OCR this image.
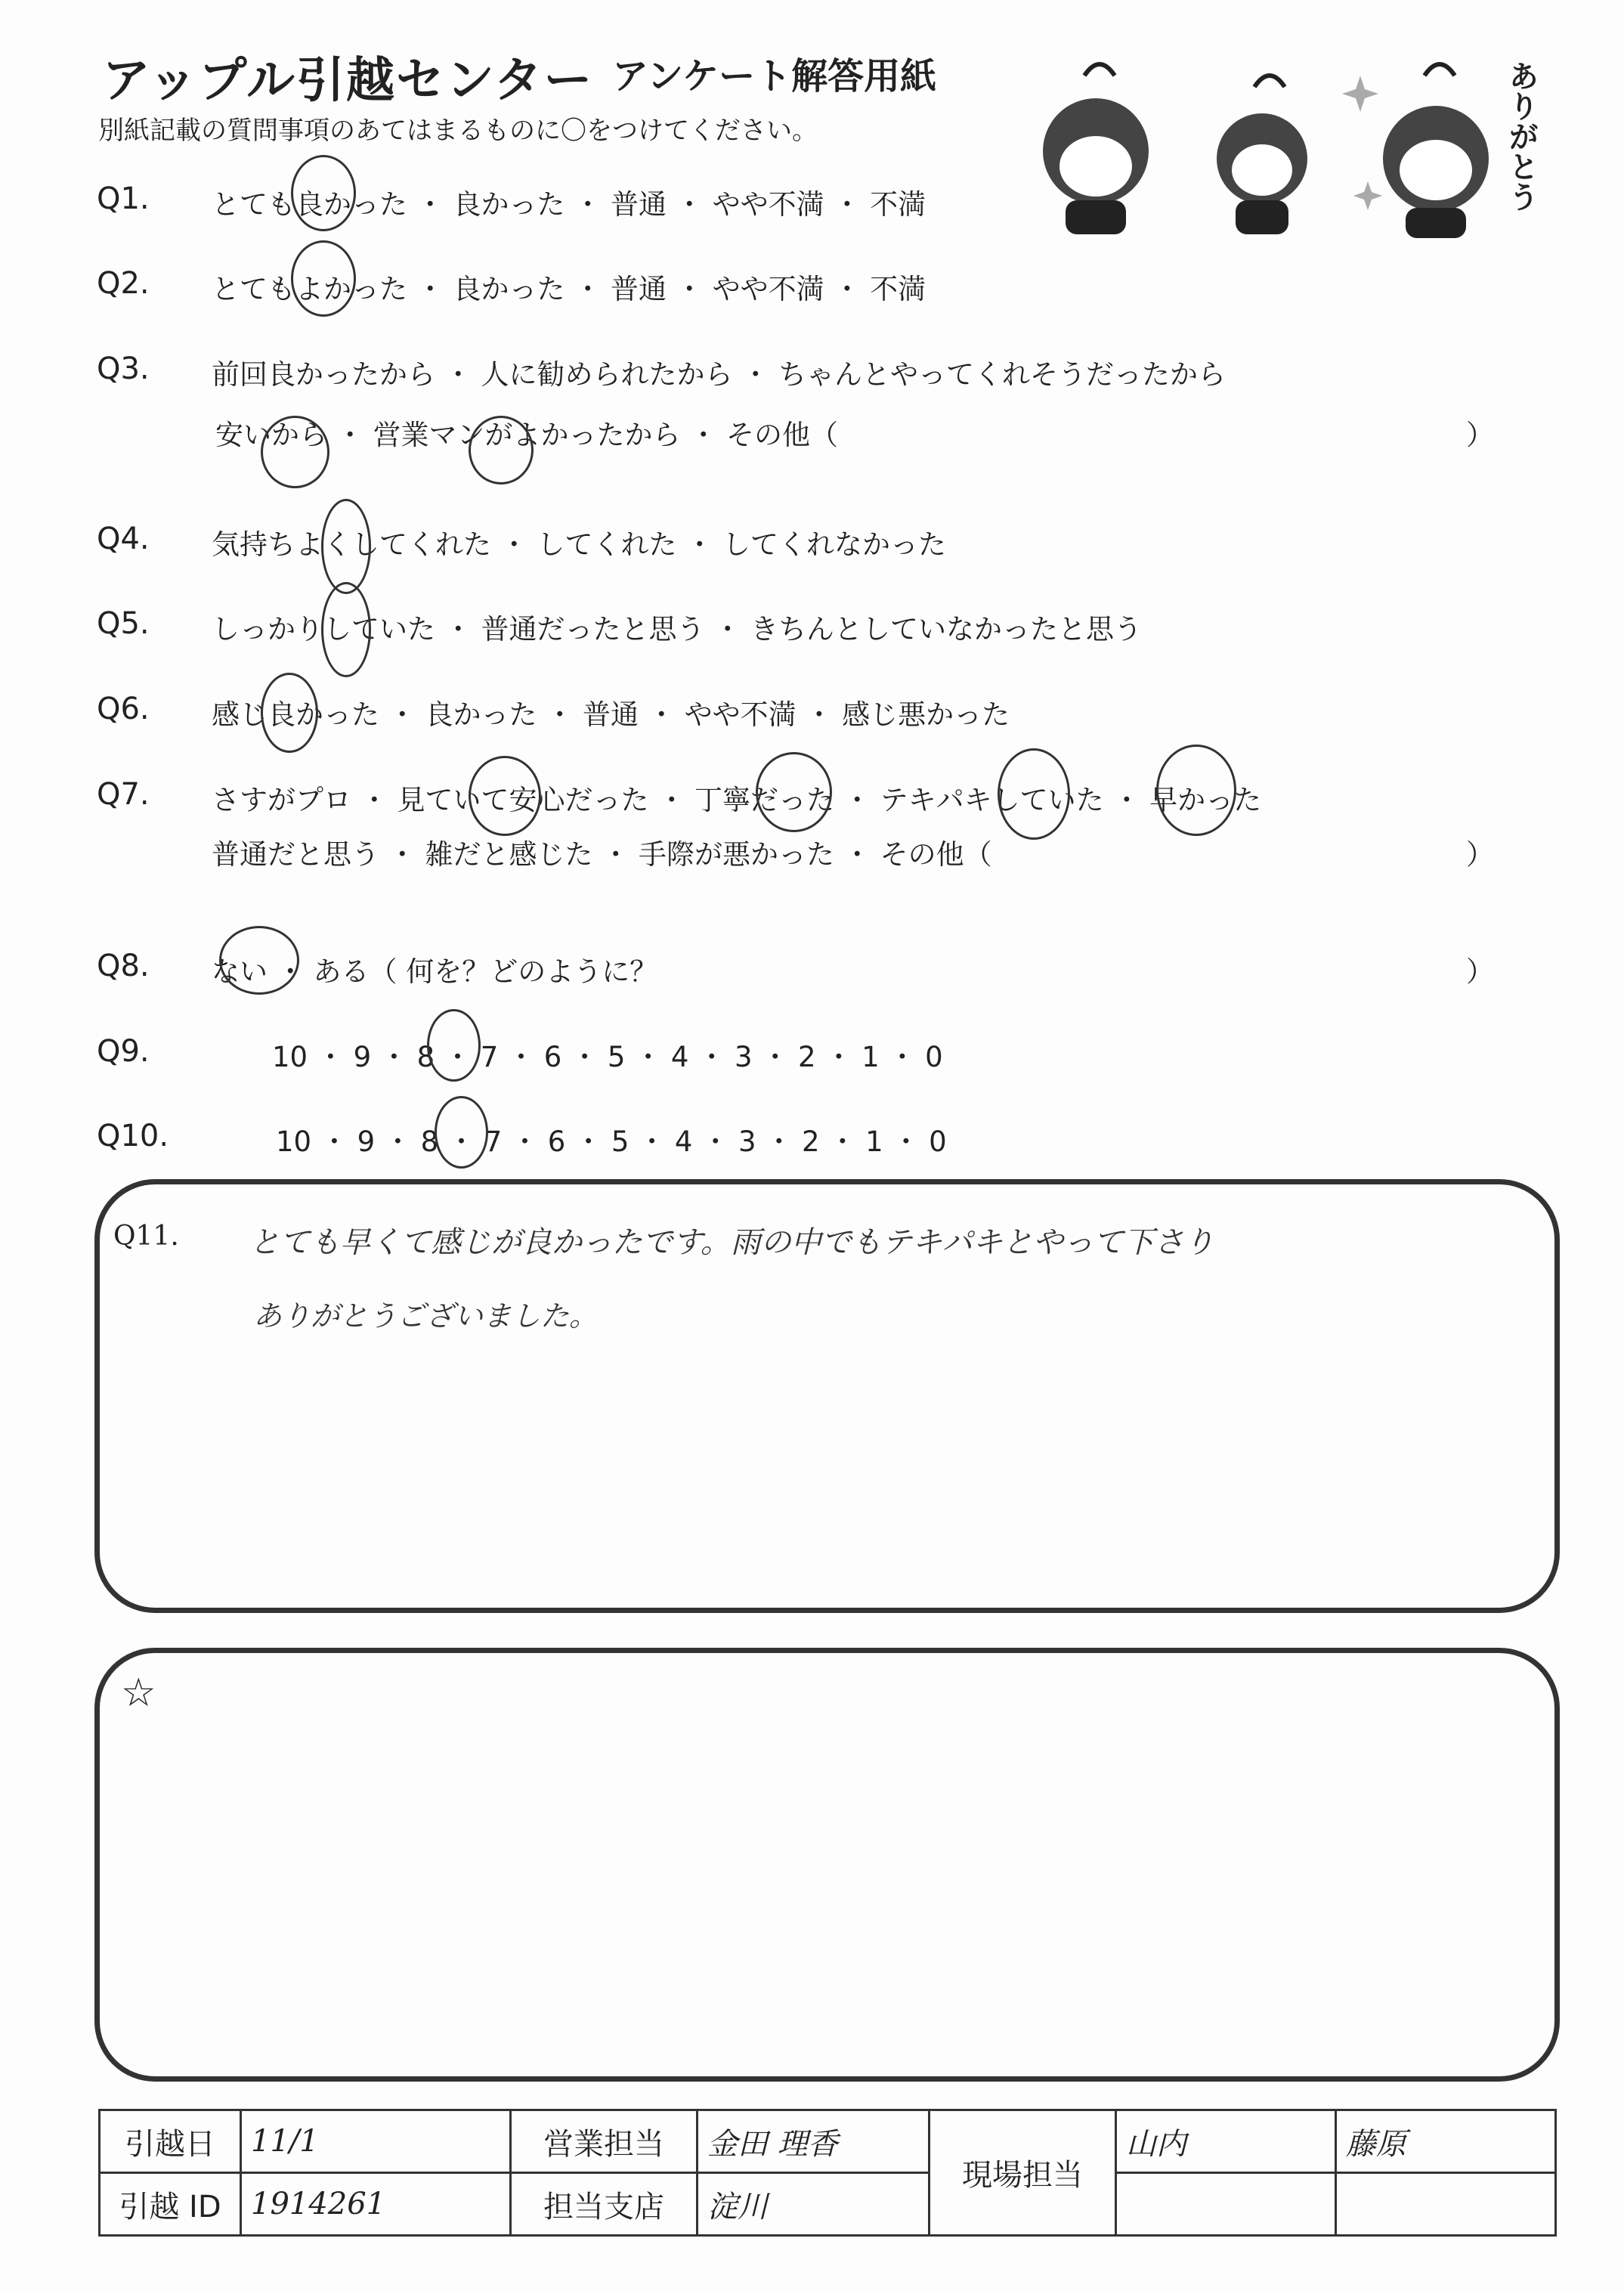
アップル引越センター アンケート解答用紙
別紙記載の質問事項のあてはまるものに〇をつけてください。	ありがとう
Q1. とても良かった ・ 良かった ・ 普通 ・ やや不満 ・ 不満
Q2. とてもよかった ・ 良かった ・ 普通 ・ やや不満 ・ 不満
Q3. 前回良かったから ・ 人に勧められたから ・ ちゃんとやってくれそうだったから
安いから ・ 営業マンがよかったから ・ その他（	）
Q4. 気持ちよくしてくれた ・ してくれた ・ してくれなかった
Q5. しっかりしていた ・ 普通だったと思う ・ きちんとしていなかったと思う
Q6. 感じ良かった ・ 良かった ・ 普通 ・ やや不満 ・ 感じ悪かった
Q7. さすがプロ ・ 見ていて安心だった ・ 丁寧だった ・ テキパキしていた ・ 早かった
普通だと思う ・ 雑だと感じた ・ 手際が悪かった ・ その他（	）
Q8. ない ・ ある（ 何を？どのように？	）
Q9.	10 ・ 9 ・ 8 ・ 7 ・ 6 ・ 5 ・ 4 ・ 3 ・ 2 ・ 1 ・ 0
Q10.	10 ・ 9 ・ 8 ・ 7 ・ 6 ・ 5 ・ 4 ・ 3 ・ 2 ・ 1 ・ 0
Q11. とても早くて感じが良かったです。雨の中でもテキパキとやって下さり
ありがとうございました。
☆
引越日	11/1	営業担当	金田 理香	現場担当	山内	藤原
引越 ID	1914261	担当支店	淀川			
